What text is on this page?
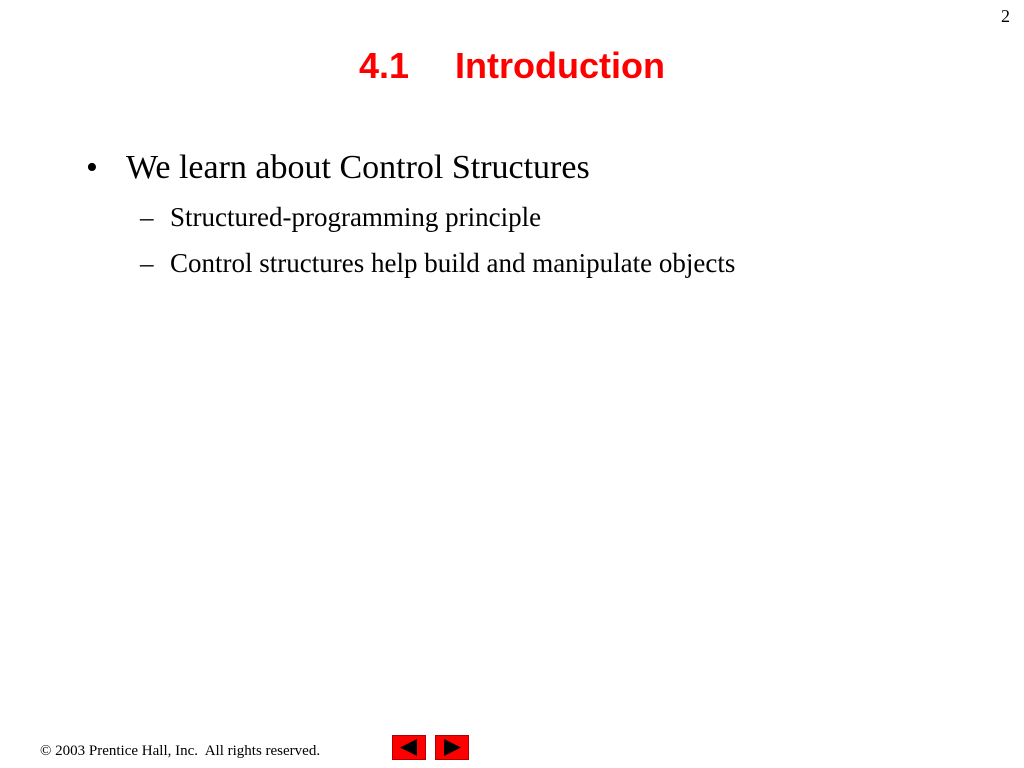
2
4.1 Introduction
• We learn about Control Structures
– Structured-programming principle
– Control structures help build and manipulate objects
© 2003 Prentice Hall, Inc.  All rights reserved.
